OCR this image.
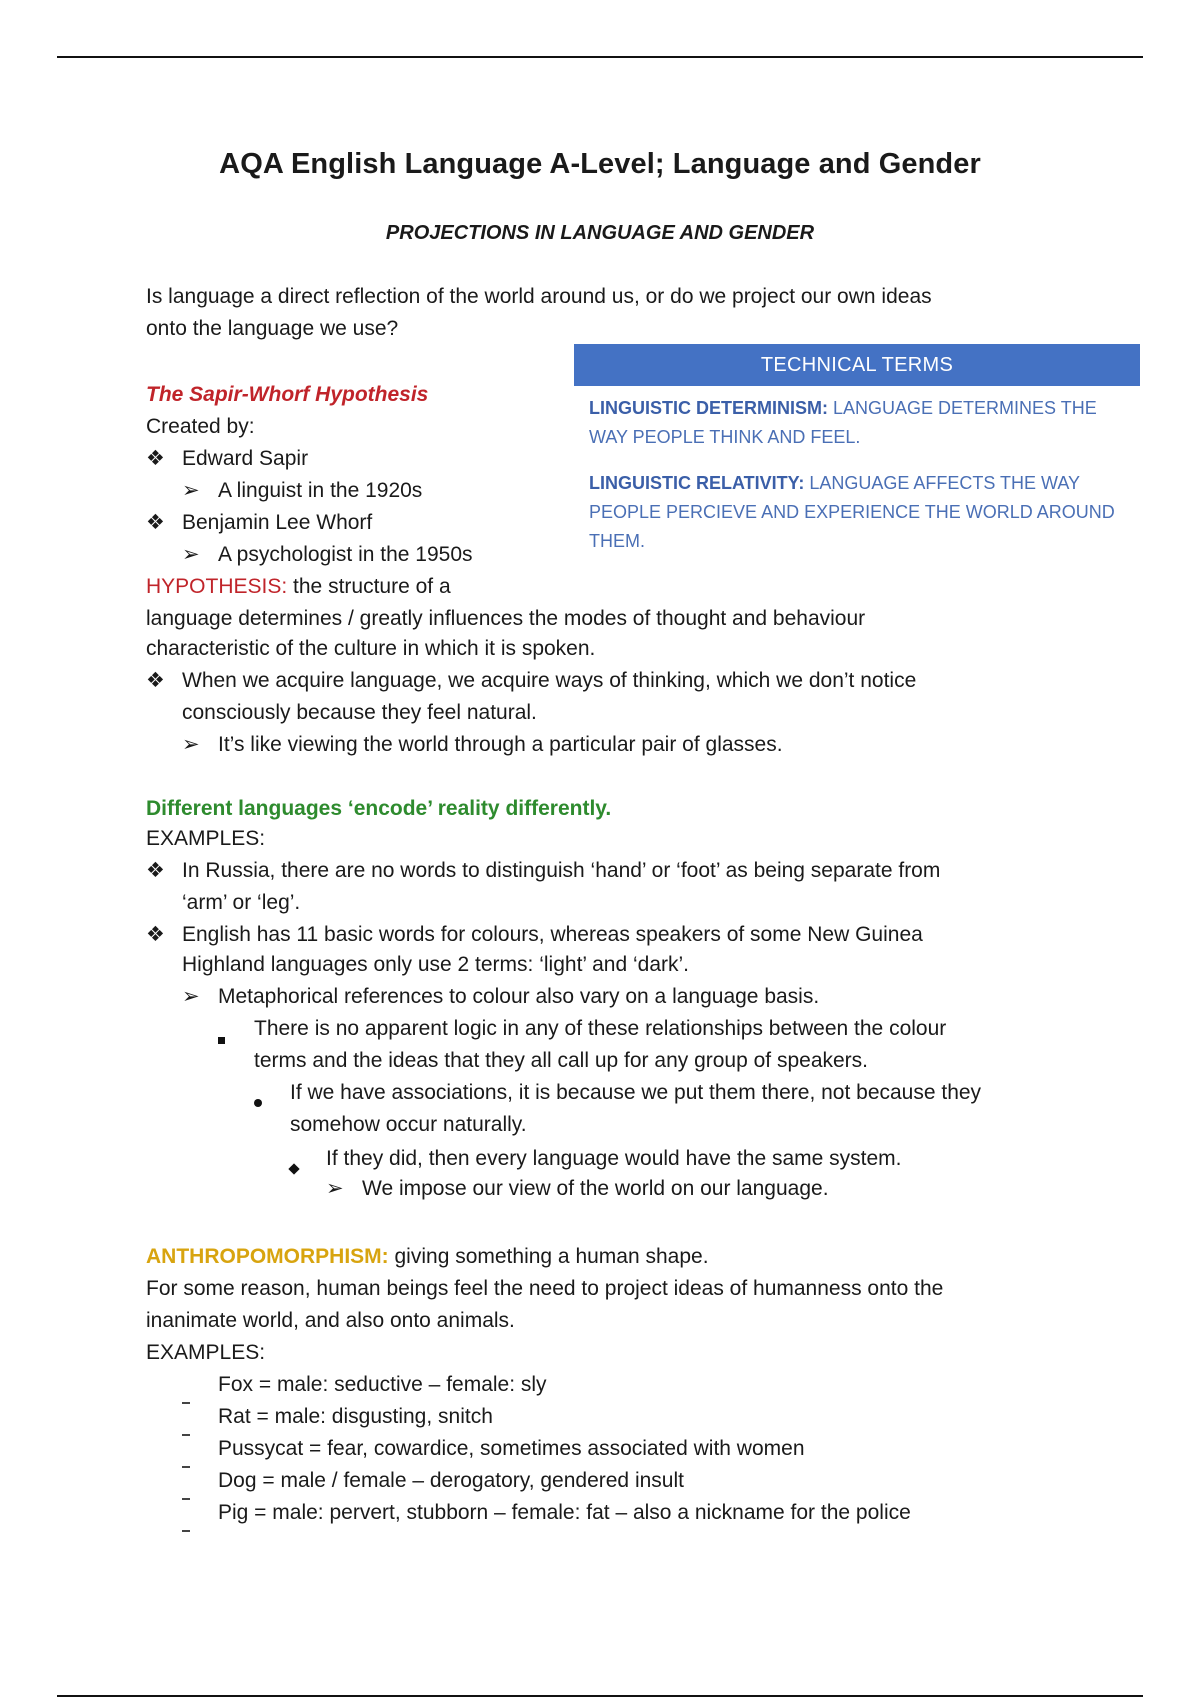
AQA English Language A-Level; Language and Gender
PROJECTIONS IN LANGUAGE AND GENDER
Is language a direct reflection of the world around us, or do we project our own ideas
onto the language we use?
TECHNICAL TERMS
LINGUISTIC DETERMINISM: LANGUAGE DETERMINES THE
WAY PEOPLE THINK AND FEEL.
LINGUISTIC RELATIVITY: LANGUAGE AFFECTS THE WAY
PEOPLE PERCIEVE AND EXPERIENCE THE WORLD AROUND
THEM.
The Sapir-Whorf Hypothesis
Created by:
❖ Edward Sapir
➢ A linguist in the 1920s
❖ Benjamin Lee Whorf
➢ A psychologist in the 1950s
HYPOTHESIS: the structure of a
language determines / greatly influences the modes of thought and behaviour
characteristic of the culture in which it is spoken.
❖ When we acquire language, we acquire ways of thinking, which we don’t notice
consciously because they feel natural.
➢ It’s like viewing the world through a particular pair of glasses.
Different languages ‘encode’ reality differently.
EXAMPLES:
❖ In Russia, there are no words to distinguish ‘hand’ or ‘foot’ as being separate from
‘arm’ or ‘leg’.
❖ English has 11 basic words for colours, whereas speakers of some New Guinea
Highland languages only use 2 terms: ‘light’ and ‘dark’.
➢ Metaphorical references to colour also vary on a language basis.
There is no apparent logic in any of these relationships between the colour
terms and the ideas that they all call up for any group of speakers.
If we have associations, it is because we put them there, not because they
somehow occur naturally.
If they did, then every language would have the same system.
➢ We impose our view of the world on our language.
ANTHROPOMORPHISM: giving something a human shape.
For some reason, human beings feel the need to project ideas of humanness onto the
inanimate world, and also onto animals.
EXAMPLES:
Fox = male: seductive – female: sly
Rat = male: disgusting, snitch
Pussycat = fear, cowardice, sometimes associated with women
Dog = male / female – derogatory, gendered insult
Pig = male: pervert, stubborn – female: fat – also a nickname for the police
